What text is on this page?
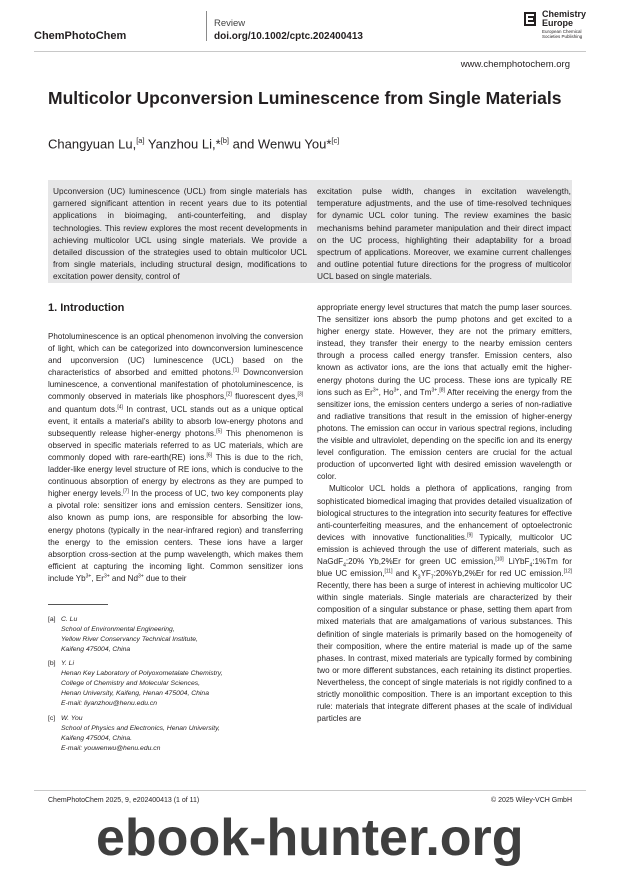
ChemPhotoChem
Review
doi.org/10.1002/cptc.202400413
Chemistry
Europe
European Chemical
Societies Publishing
www.chemphotochem.org
Multicolor Upconversion Luminescence from Single Materials
Changyuan Lu,[a] Yanzhou Li,*[b] and Wenwu You*[c]
Upconversion (UC) luminescence (UCL) from single materials has garnered significant attention in recent years due to its potential applications in bioimaging, anti-counterfeiting, and display technologies. This review explores the most recent developments in achieving multicolor UCL using single materials. We provide a detailed discussion of the strategies used to obtain multicolor UCL from single materials, including structural design, modifications to excitation power density, control of
excitation pulse width, changes in excitation wavelength, temperature adjustments, and the use of time-resolved techniques for dynamic UCL color tuning. The review examines the basic mechanisms behind parameter manipulation and their direct impact on the UC process, highlighting their adaptability for a broad spectrum of applications. Moreover, we examine current challenges and outline potential future directions for the progress of multicolor UCL based on single materials.
1. Introduction

Photoluminescence is an optical phenomenon involving the conversion of light, which can be categorized into downconversion luminescence and upconversion (UC) luminescence (UCL) based on the characteristics of absorbed and emitted photons.[1] Downconversion luminescence, a conventional manifestation of photoluminescence, is commonly observed in materials like phosphors,[2] fluorescent dyes,[3] and quantum dots.[4] In contrast, UCL stands out as a unique optical event, it entails a material’s ability to absorb low-energy photons and subsequently release higher-energy photons.[5] This phenomenon is observed in specific materials referred to as UC materials, which are commonly doped with rare-earth(RE) ions.[6] This is due to the rich, ladder-like energy level structure of RE ions, which is conducive to the continuous absorption of energy by electrons as they are pumped to higher energy levels.[7] In the process of UC, two key components play a pivotal role: sensitizer ions and emission centers. Sensitizer ions, also known as pump ions, are responsible for absorbing the low-energy photons (typically in the near-infrared region) and transferring the energy to the emission centers. These ions have a larger absorption cross-section at the pump wavelength, which makes them efficient at capturing the incoming light. Common sensitizer ions include $Yb^{3+}$, $Er^{3+}$ and $Nd^{3+}$ due to their

[a] C. Lu
School of Environmental Engineering,
Yellow River Conservancy Technical Institute,
Kaifeng 475004, China
[b] Y. Li
Henan Key Laboratory of Polyoxometalate Chemistry,
College of Chemistry and Molecular Sciences,
Henan University, Kaifeng, Henan 475004, China
E-mail: liyanzhou@henu.edu.cn
[c] W. You
School of Physics and Electronics, Henan University,
Kaifeng 475004, China.
E-mail: youwenwu@henu.edu.cn

appropriate energy level structures that match the pump laser sources. The sensitizer ions absorb the pump photons and get excited to a higher energy state. However, they are not the primary emitters, instead, they transfer their energy to the nearby emission centers through a process called energy transfer. Emission centers, also known as activator ions, are the ions that actually emit the higher-energy photons during the UC process. These ions are typically RE ions such as $Er^{3+}$, $Ho^{3+}$, and $Tm^{3+}.[8]$ After receiving the energy from the sensitizer ions, the emission centers undergo a series of non-radiative and radiative transitions that result in the emission of higher-energy photons. The emission can occur in various spectral regions, including the visible and ultraviolet, depending on the specific ion and its energy level configuration. The emission centers are crucial for the actual production of upconverted light with desired emission wavelength or color.

Multicolor UCL holds a plethora of applications, ranging from sophisticated biomedical imaging that provides detailed visualization of biological structures to the integration into security features for effective anti-counterfeiting measures, and the enhancement of optoelectronic devices with innovative functionalities.[9] Typically, multicolor UC emission is achieved through the use of different materials, such as NaGdF$_4$:20% Yb,2%Er for green UC emission,[10] LiYbF$_4$:1%Tm for blue UC emission,[11] and $K_3YF_7:20\%Yb,2\%Er$ for red UC emission.[12] Recently, there has been a surge of interest in achieving multicolor UC within single materials. Single materials are characterized by their composition of a singular substance or phase, setting them apart from mixed materials that are amalgamations of various substances. This definition of single materials is primarily based on the homogeneity of their composition, where the entire material is made up of the same phases. In contrast, mixed materials are typically formed by combining two or more different substances, each retaining its distinct properties. Nevertheless, the concept of single materials is not rigidly confined to a strictly monolithic composition. There is an important exception to this rule: materials that integrate different phases at the scale of individual particles are

ChemPhotoChem 2025, 9, e202400413 (1 of 11)	© 2025 Wiley-VCH GmbH
ebook-hunter.org
